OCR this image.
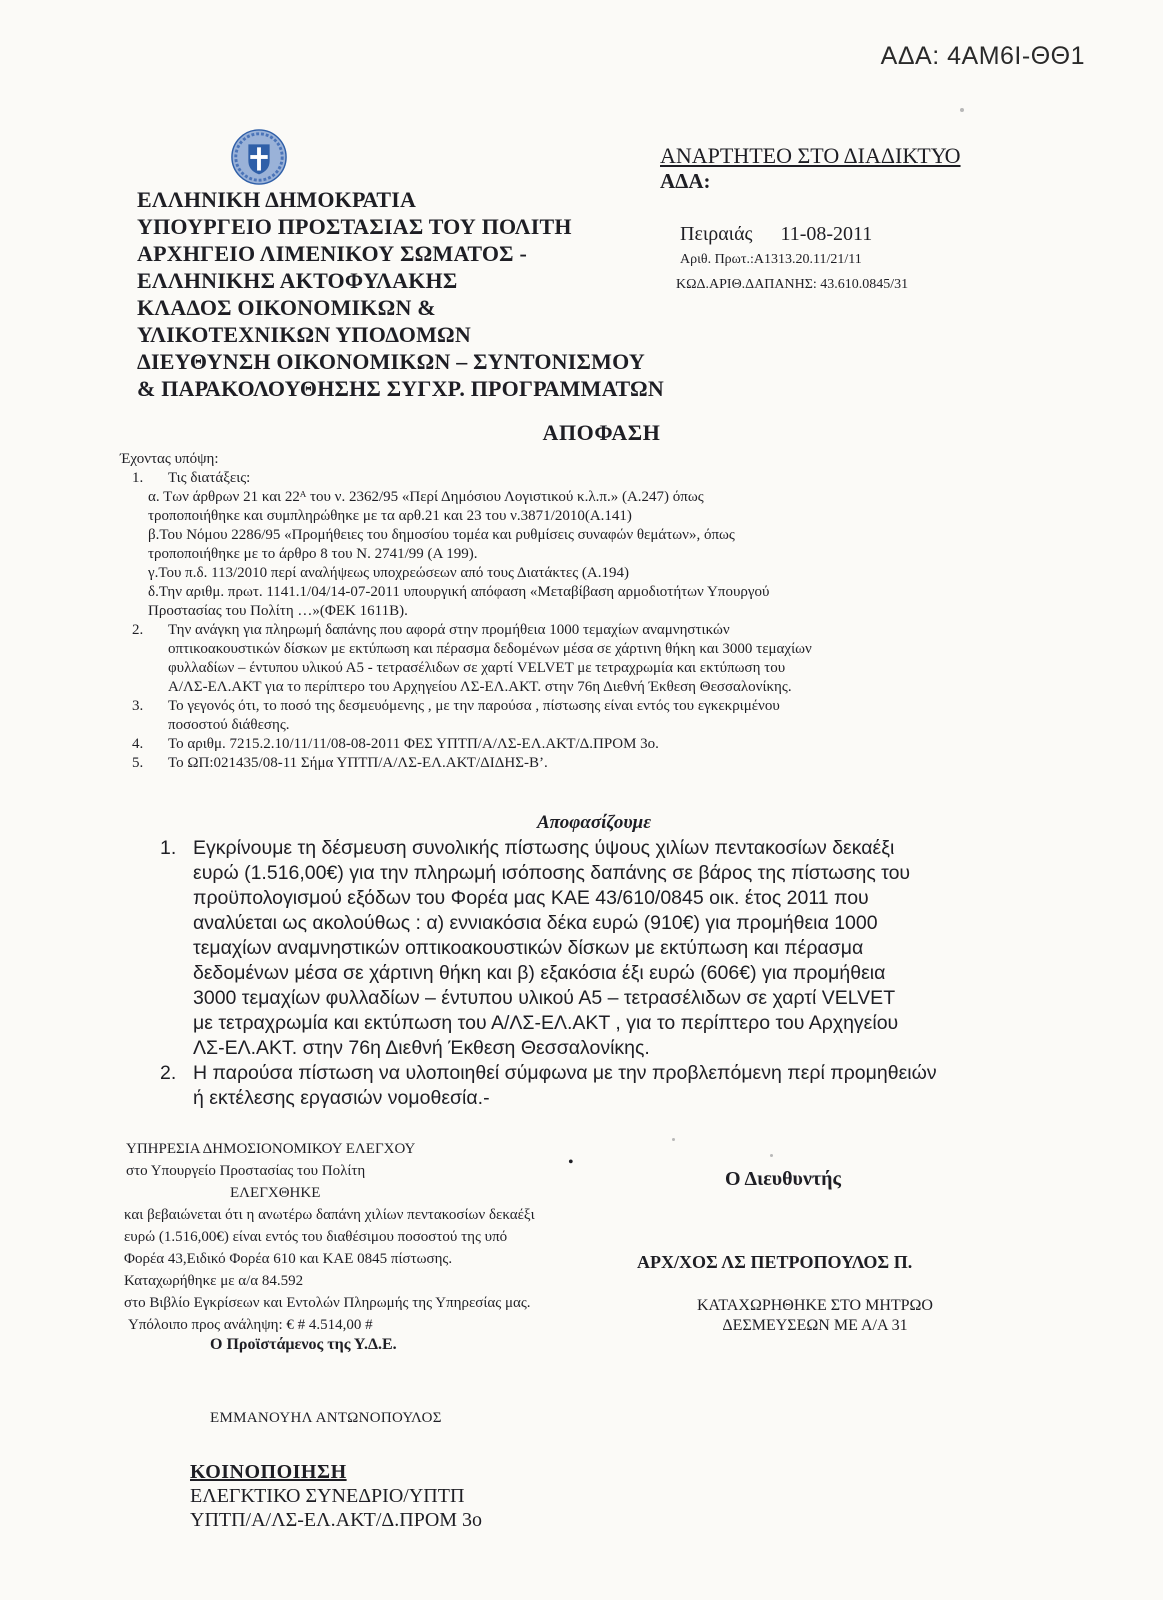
ΑΔΑ: 4ΑΜ6Ι-ΘΘ1
ΕΛΛΗΝΙΚΗ ΔΗΜΟΚΡΑΤΙΑ
ΥΠΟΥΡΓΕΙΟ ΠΡΟΣΤΑΣΙΑΣ ΤΟΥ ΠΟΛΙΤΗ
ΑΡΧΗΓΕΙΟ ΛΙΜΕΝΙΚΟΥ ΣΩΜΑΤΟΣ -
ΕΛΛΗΝΙΚΗΣ ΑΚΤΟΦΥΛΑΚΗΣ
ΚΛΑΔΟΣ ΟΙΚΟΝΟΜΙΚΩΝ &
ΥΛΙΚΟΤΕΧΝΙΚΩΝ ΥΠΟΔΟΜΩΝ
ΔΙΕΥΘΥΝΣΗ ΟΙΚΟΝΟΜΙΚΩΝ – ΣΥΝΤΟΝΙΣΜΟΥ
& ΠΑΡΑΚΟΛΟΥΘΗΣΗΣ ΣΥΓΧΡ. ΠΡΟΓΡΑΜΜΑΤΩΝ
ΑΝΑΡΤΗΤΕΟ ΣΤΟ ΔΙΑΔΙΚΤΥΟ
ΑΔΑ:
Πειραιάς 11-08-2011
Αριθ. Πρωτ.:Α1313.20.11/21/11
ΚΩΔ.ΑΡΙΘ.ΔΑΠΑΝΗΣ: 43.610.0845/31
ΑΠΟΦΑΣΗ
Έχοντας υπόψη:
1. Τις διατάξεις:
α. Των άρθρων 21 και 22ᴬ του ν. 2362/95 «Περί Δημόσιου Λογιστικού κ.λ.π.» (Α.247) όπως
τροποποιήθηκε και συμπληρώθηκε με τα αρθ.21 και 23 του ν.3871/2010(Α.141)
β.Του Νόμου 2286/95 «Προμήθειες του δημοσίου τομέα και ρυθμίσεις συναφών θεμάτων», όπως
τροποποιήθηκε με το άρθρο 8 του Ν. 2741/99 (Α 199).
γ.Του π.δ. 113/2010 περί αναλήψεως υποχρεώσεων από τους Διατάκτες (Α.194)
δ.Την αριθμ. πρωτ. 1141.1/04/14-07-2011 υπουργική απόφαση «Μεταβίβαση αρμοδιοτήτων Υπουργού
Προστασίας του Πολίτη …»(ΦΕΚ 1611Β).
2. Την ανάγκη για πληρωμή δαπάνης που αφορά στην προμήθεια 1000 τεμαχίων αναμνηστικών
οπτικοακουστικών δίσκων με εκτύπωση και πέρασμα δεδομένων μέσα σε χάρτινη θήκη και 3000 τεμαχίων
φυλλαδίων – έντυπου υλικού Α5 - τετρασέλιδων σε χαρτί VELVET με τετραχρωμία και εκτύπωση του
Α/ΛΣ-ΕΛ.ΑΚΤ για το περίπτερο του Αρχηγείου ΛΣ-ΕΛ.ΑΚΤ. στην 76η Διεθνή Έκθεση Θεσσαλονίκης.
3. Το γεγονός ότι, το ποσό της δεσμευόμενης , με την παρούσα , πίστωσης είναι εντός του εγκεκριμένου
ποσοστού διάθεσης.
4. Το αριθμ. 7215.2.10/11/11/08-08-2011 ΦΕΣ ΥΠΤΠ/Α/ΛΣ-ΕΛ.ΑΚΤ/Δ.ΠΡΟΜ 3ο.
5. Το ΩΠ:021435/08-11 Σήμα ΥΠΤΠ/Α/ΛΣ-ΕΛ.ΑΚΤ/ΔΙΔΗΣ-Β’.
Αποφασίζουμε
1. Εγκρίνουμε τη δέσμευση συνολικής πίστωσης ύψους χιλίων πεντακοσίων δεκαέξι
ευρώ (1.516,00€) για την πληρωμή ισόποσης δαπάνης σε βάρος της πίστωσης του
προϋπολογισμού εξόδων του Φορέα μας ΚΑΕ 43/610/0845 οικ. έτος 2011 που
αναλύεται ως ακολούθως : α) εννιακόσια δέκα ευρώ (910€) για προμήθεια 1000
τεμαχίων αναμνηστικών οπτικοακουστικών δίσκων με εκτύπωση και πέρασμα
δεδομένων μέσα σε χάρτινη θήκη και β) εξακόσια έξι ευρώ (606€) για προμήθεια
3000 τεμαχίων φυλλαδίων – έντυπου υλικού Α5 – τετρασέλιδων σε χαρτί VELVET
με τετραχρωμία και εκτύπωση του Α/ΛΣ-ΕΛ.ΑΚΤ , για το περίπτερο του Αρχηγείου
ΛΣ-ΕΛ.ΑΚΤ. στην 76η Διεθνή Έκθεση Θεσσαλονίκης.
2. Η παρούσα πίστωση να υλοποιηθεί σύμφωνα με την προβλεπόμενη περί προμηθειών
ή εκτέλεσης εργασιών νομοθεσία.-
ΥΠΗΡΕΣΙΑ ΔΗΜΟΣΙΟΝΟΜΙΚΟΥ ΕΛΕΓΧΟΥ
στο Υπουργείο Προστασίας του Πολίτη
ΕΛΕΓΧΘΗΚΕ
και βεβαιώνεται ότι η ανωτέρω δαπάνη χιλίων πεντακοσίων δεκαέξι
ευρώ (1.516,00€) είναι εντός του διαθέσιμου ποσοστού της υπό
Φορέα 43,Ειδικό Φορέα 610 και ΚΑΕ 0845 πίστωσης.
Καταχωρήθηκε με α/α 84.592
στο Βιβλίο Εγκρίσεων και Εντολών Πληρωμής της Υπηρεσίας μας.
Υπόλοιπο προς ανάληψη: € # 4.514,00 #
Ο Προϊστάμενος της Υ.Δ.Ε.
ΕΜΜΑΝΟΥΗΛ ΑΝΤΩΝΟΠΟΥΛΟΣ
•
Ο Διευθυντής
ΑΡΧ/ΧΟΣ ΛΣ ΠΕΤΡΟΠΟΥΛΟΣ Π.
ΚΑΤΑΧΩΡΗΘΗΚΕ ΣΤΟ ΜΗΤΡΩΟ
ΔΕΣΜΕΥΣΕΩΝ ΜΕ Α/Α 31
ΚΟΙΝΟΠΟΙΗΣΗ
ΕΛΕΓΚΤΙΚΟ ΣΥΝΕΔΡΙΟ/ΥΠΤΠ
ΥΠΤΠ/Α/ΛΣ-ΕΛ.ΑΚΤ/Δ.ΠΡΟΜ 3ο
